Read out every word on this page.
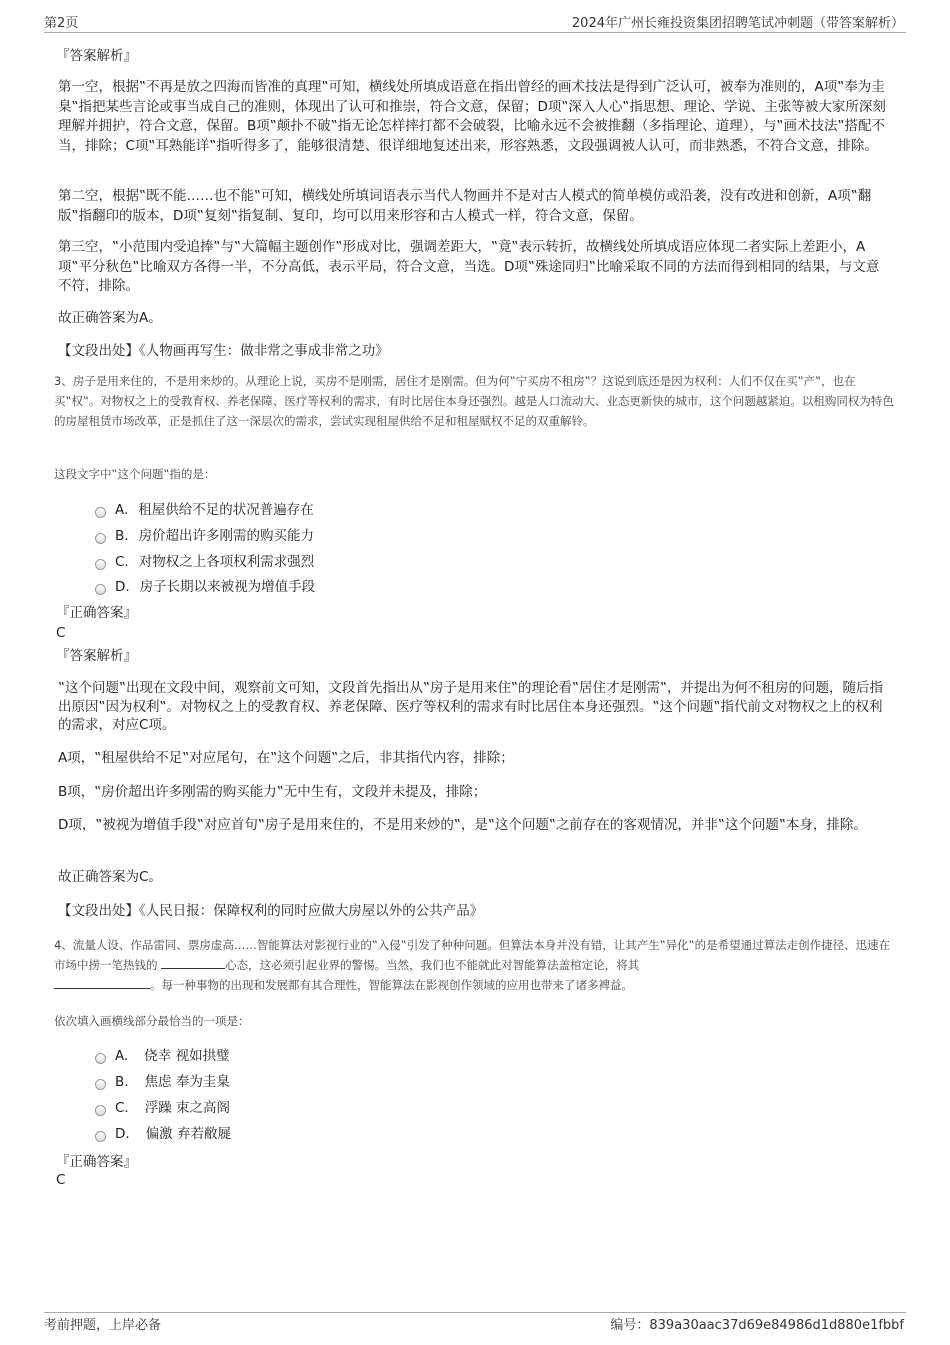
第2页	2024年广州长雍投资集团招聘笔试冲刺题（带答案解析）
『答案解析』
第一空，根据‟不再是放之四海而皆准的真理‟可知，横线处所填成语意在指出曾经的画术技法是得到广泛认可，被奉为准则的，A项‟奉为圭臬‟指把某些言论或事当成自己的准则，体现出了认可和推崇，符合文意，保留；D项‟深入人心‟指思想、理论、学说、主张等被大家所深刻理解并拥护，符合文意，保留。B项‟颠扑不破‟指无论怎样摔打都不会破裂，比喻永远不会被推翻（多指理论、道理），与‟画术技法‟搭配不当，排除；C项‟耳熟能详‟指听得多了，能够很清楚、很详细地复述出来，形容熟悉，文段强调被人认可，而非熟悉，不符合文意，排除。
第二空，根据‟既不能……也不能‟可知，横线处所填词语表示当代人物画并不是对古人模式的简单模仿或沿袭，没有改进和创新，A项‟翻版‟指翻印的版本，D项‟复刻‟指复制、复印，均可以用来形容和古人模式一样，符合文意，保留。
第三空，‟小范围内受追捧‟与‟大篇幅主题创作‟形成对比，强调差距大，‟竟‟表示转折，故横线处所填成语应体现二者实际上差距小，A项‟平分秋色‟比喻双方各得一半，不分高低，表示平局，符合文意，当选。D项‟殊途同归‟比喻采取不同的方法而得到相同的结果，与文意不符，排除。
故正确答案为A。
【文段出处】《人物画再写生：做非常之事成非常之功》
3、房子是用来住的，不是用来炒的。从理论上说，买房不是刚需，居住才是刚需。但为何‟宁买房不租房‟？这说到底还是因为权利：人们不仅在买‟产‟，也在买‟权‟。对物权之上的受教育权、养老保障、医疗等权利的需求，有时比居住本身还强烈。越是人口流动大、业态更新快的城市，这个问题越紧迫。以租购同权为特色的房屋租赁市场改革，正是抓住了这一深层次的需求，尝试实现租屋供给不足和租屋赋权不足的双重解铃。
这段文字中‟这个问题‟指的是：
A. 租屋供给不足的状况普遍存在
B. 房价超出许多刚需的购买能力
C. 对物权之上各项权利需求强烈
D. 房子长期以来被视为增值手段
『正确答案』
C
『答案解析』
‟这个问题‟出现在文段中间，观察前文可知，文段首先指出从‟房子是用来住‟的理论看‟居住才是刚需‟，并提出为何不租房的问题，随后指出原因‟因为权利‟。对物权之上的受教育权、养老保障、医疗等权利的需求有时比居住本身还强烈。‟这个问题‟指代前文对物权之上的权利的需求，对应C项。
A项，‟租屋供给不足‟对应尾句，在‟这个问题‟之后，非其指代内容，排除；
B项，‟房价超出许多刚需的购买能力‟无中生有，文段并未提及，排除；
D项，‟被视为增值手段‟对应首句‟房子是用来住的，不是用来炒的‟，是‟这个问题‟之前存在的客观情况，并非‟这个问题‟本身，排除。
故正确答案为C。
【文段出处】《人民日报：保障权利的同时应做大房屋以外的公共产品》
4、流量人设、作品雷同、票房虚高……智能算法对影视行业的‟入侵‟引发了种种问题。但算法本身并没有错，让其产生‟异化‟的是希望通过算法走创作捷径、迅速在市场中捞一笔热钱的	心态，这必须引起业界的警惕。当然，我们也不能就此对智能算法盖棺定论，将其
。每一种事物的出现和发展都有其合理性，智能算法在影视创作领域的应用也带来了诸多裨益。
依次填入画横线部分最恰当的一项是：
A. 侥幸 视如拱璧
B. 焦虑 奉为圭臬
C. 浮躁 束之高阁
D. 偏激 弃若敝屣
『正确答案』
C
考前押题，上岸必备	编号：839a30aac37d69e84986d1d880e1fbbf
